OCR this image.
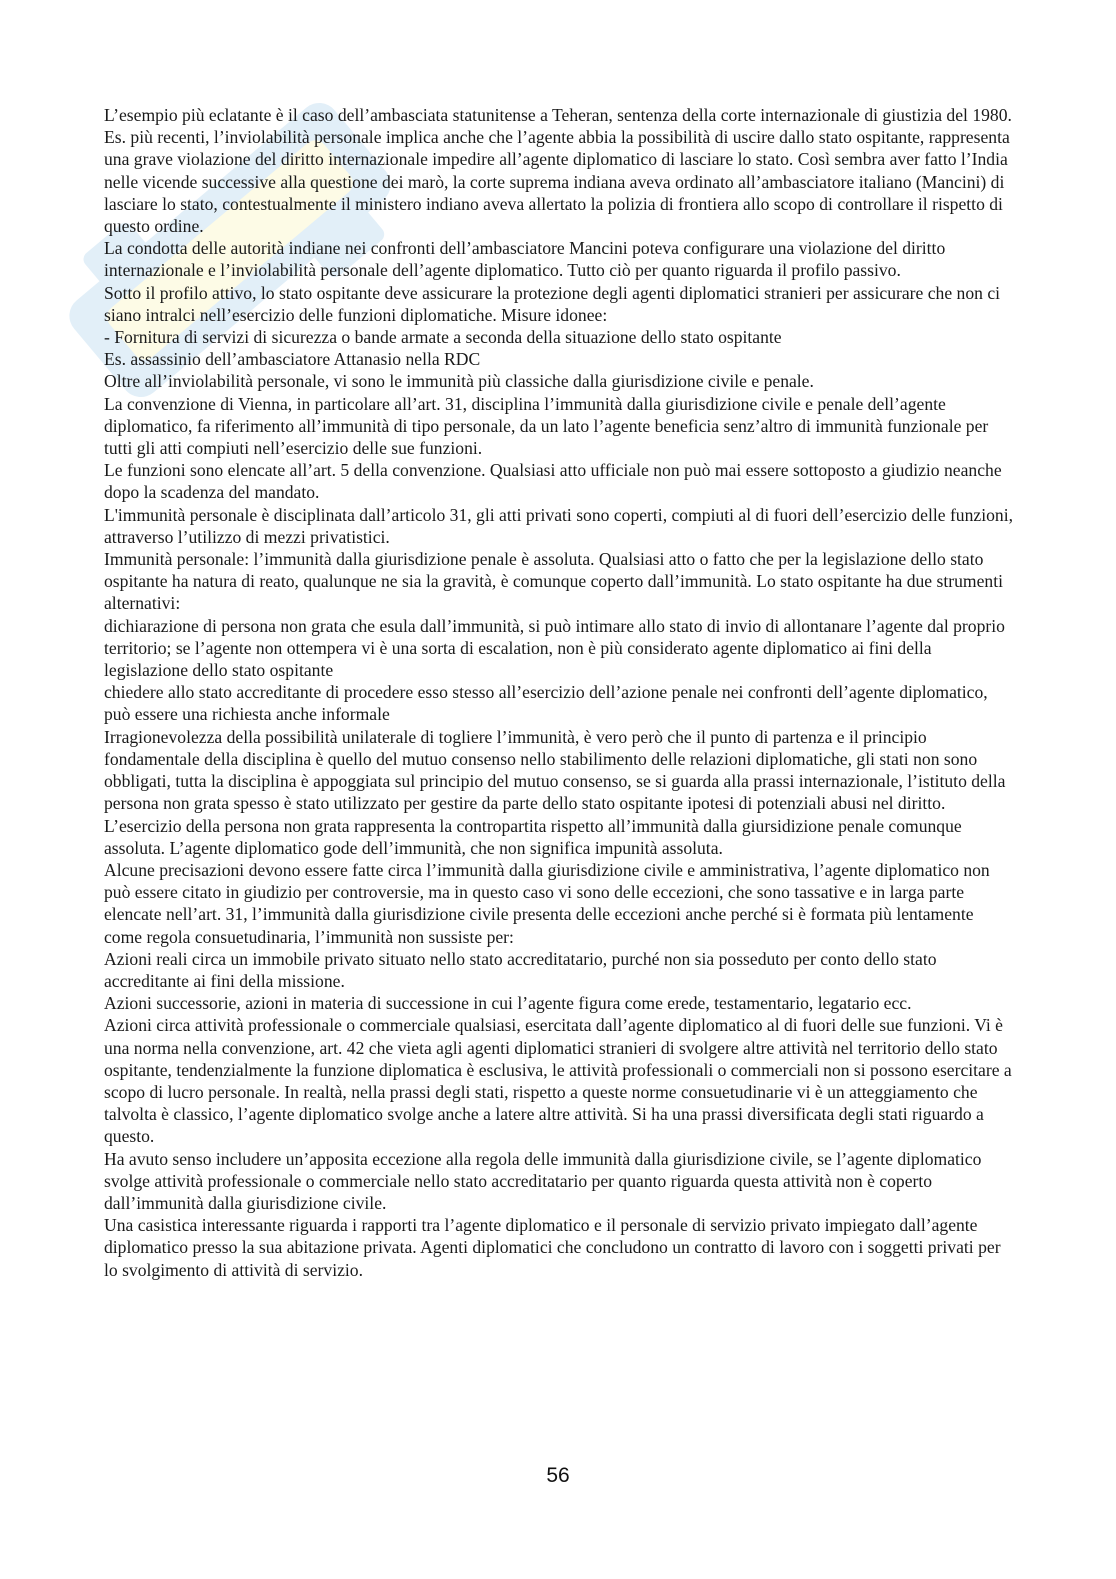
L’esempio più eclatante è il caso dell’ambasciata statunitense a Teheran, sentenza della corte internazionale di giustizia del 1980.

Es. più recenti, l’inviolabilità personale implica anche che l’agente abbia la possibilità di uscire dallo stato ospitante, rappresenta una grave violazione del diritto internazionale impedire all’agente diplomatico di lasciare lo stato. Così sembra aver fatto l’India nelle vicende successive alla questione dei marò, la corte suprema indiana aveva ordinato all’ambasciatore italiano (Mancini) di lasciare lo stato, contestualmente il ministero indiano aveva allertato la polizia di frontiera allo scopo di controllare il rispetto di questo ordine.

La condotta delle autorità indiane nei confronti dell’ambasciatore Mancini poteva configurare una violazione del diritto internazionale e l’inviolabilità personale dell’agente diplomatico. Tutto ciò per quanto riguarda il profilo passivo.

Sotto il profilo attivo, lo stato ospitante deve assicurare la protezione degli agenti diplomatici stranieri per assicurare che non ci siano intralci nell’esercizio delle funzioni diplomatiche. Misure idonee:

- Fornitura di servizi di sicurezza o bande armate a seconda della situazione dello stato ospitante

Es. assassinio dell’ambasciatore Attanasio nella RDC

Oltre all’inviolabilità personale, vi sono le immunità più classiche dalla giurisdizione civile e penale.

La convenzione di Vienna, in particolare all’art. 31, disciplina l’immunità dalla giurisdizione civile e penale dell’agente diplomatico, fa riferimento all’immunità di tipo personale, da un lato l’agente beneficia senz’altro di immunità funzionale per tutti gli atti compiuti nell’esercizio delle sue funzioni.

Le funzioni sono elencate all’art. 5 della convenzione. Qualsiasi atto ufficiale non può mai essere sottoposto a giudizio neanche dopo la scadenza del mandato.

L'immunità personale è disciplinata dall’articolo 31, gli atti privati sono coperti, compiuti al di fuori dell’esercizio delle funzioni, attraverso l’utilizzo di mezzi privatistici.

Immunità personale: l’immunità dalla giurisdizione penale è assoluta. Qualsiasi atto o fatto che per la legislazione dello stato ospitante ha natura di reato, qualunque ne sia la gravità, è comunque coperto dall’immunità. Lo stato ospitante ha due strumenti alternativi:

dichiarazione di persona non grata che esula dall’immunità, si può intimare allo stato di invio di allontanare l’agente dal proprio territorio; se l’agente non ottempera vi è una sorta di escalation, non è più considerato agente diplomatico ai fini della legislazione dello stato ospitante

chiedere allo stato accreditante di procedere esso stesso all’esercizio dell’azione penale nei confronti dell’agente diplomatico, può essere una richiesta anche informale

Irragionevolezza della possibilità unilaterale di togliere l’immunità, è vero però che il punto di partenza e il principio fondamentale della disciplina è quello del mutuo consenso nello stabilimento delle relazioni diplomatiche, gli stati non sono obbligati, tutta la disciplina è appoggiata sul principio del mutuo consenso, se si guarda alla prassi internazionale, l’istituto della persona non grata spesso è stato utilizzato per gestire da parte dello stato ospitante ipotesi di potenziali abusi nel diritto.

L’esercizio della persona non grata rappresenta la contropartita rispetto all’immunità dalla giursidizione penale comunque assoluta. L’agente diplomatico gode dell’immunità, che non significa impunità assoluta.

Alcune precisazioni devono essere fatte circa l’immunità dalla giurisdizione civile e amministrativa, l’agente diplomatico non può essere citato in giudizio per controversie, ma in questo caso vi sono delle eccezioni, che sono tassative e in larga parte elencate nell’art. 31, l’immunità dalla giurisdizione civile presenta delle eccezioni anche perché si è formata più lentamente come regola consuetudinaria, l’immunità non sussiste per:

Azioni reali circa un immobile privato situato nello stato accreditatario, purché non sia posseduto per conto dello stato accreditante ai fini della missione.

Azioni successorie, azioni in materia di successione in cui l’agente figura come erede, testamentario, legatario ecc.

Azioni circa attività professionale o commerciale qualsiasi, esercitata dall’agente diplomatico al di fuori delle sue funzioni. Vi è una norma nella convenzione, art. 42 che vieta agli agenti diplomatici stranieri di svolgere altre attività nel territorio dello stato ospitante, tendenzialmente la funzione diplomatica è esclusiva, le attività professionali o commerciali non si possono esercitare a scopo di lucro personale. In realtà, nella prassi degli stati, rispetto a queste norme consuetudinarie vi è un atteggiamento che talvolta è classico, l’agente diplomatico svolge anche a latere altre attività. Si ha una prassi diversificata degli stati riguardo a questo.

Ha avuto senso includere un’apposita eccezione alla regola delle immunità dalla giurisdizione civile, se l’agente diplomatico svolge attività professionale o commerciale nello stato accreditatario per quanto riguarda questa attività non è coperto dall’immunità dalla giurisdizione civile.

Una casistica interessante riguarda i rapporti tra l’agente diplomatico e il personale di servizio privato impiegato dall’agente diplomatico presso la sua abitazione privata. Agenti diplomatici che concludono un contratto di lavoro con i soggetti privati per lo svolgimento di attività di servizio.

56
